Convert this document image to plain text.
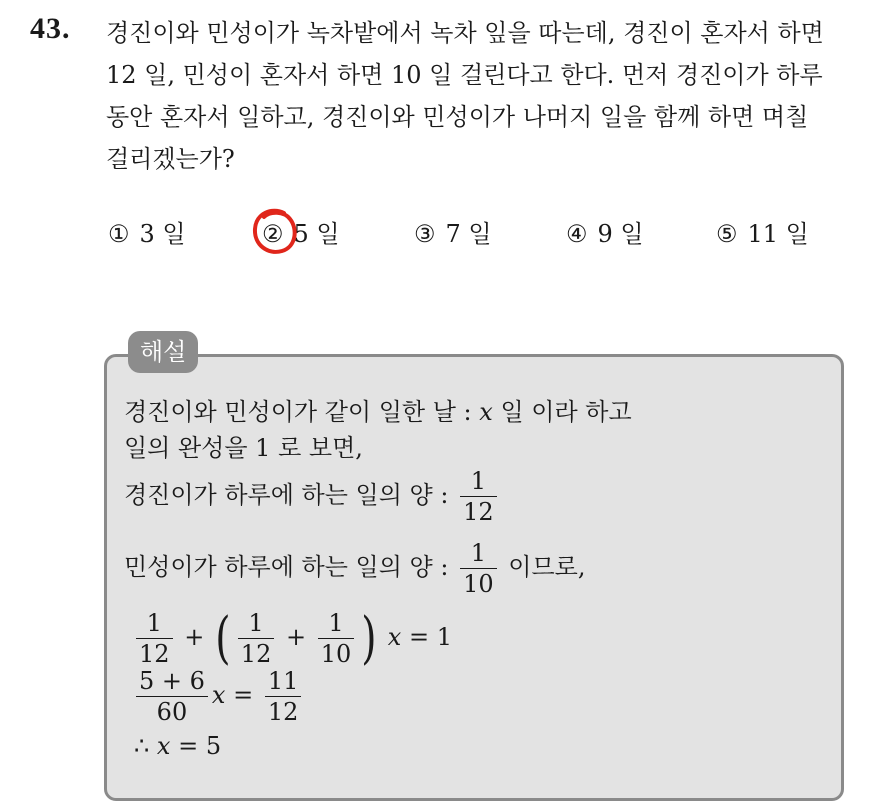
43. 경진이와 민성이가 녹차밭에서 녹차 잎을 따는데, 경진이 혼자서 하면
12 일, 민성이 혼자서 하면 10 일 걸린다고 한다. 먼저 경진이가 하루
동안 혼자서 일하고, 경진이와 민성이가 나머지 일을 함께 하면 며칠
걸리겠는가?

① 3 일	② 5 일	③ 7 일	④ 9 일	⑤ 11 일
해설
경진이와 민성이가 같이 일한 날 : x 일 이라 하고
일의 완성을 1 로 보면,
경진이가 하루에 하는 일의 양 : $\frac{1}{12}$
민성이가 하루에 하는 일의 양 : $\frac{1}{10}$ 이므로,
$\frac{1}{12}$ + ( $\frac{1}{12} + \frac{1}{10}$ ) x = 1
$\frac{5 + 6}{60}$ $x = \frac{11}{12}$
∴ x = 5
